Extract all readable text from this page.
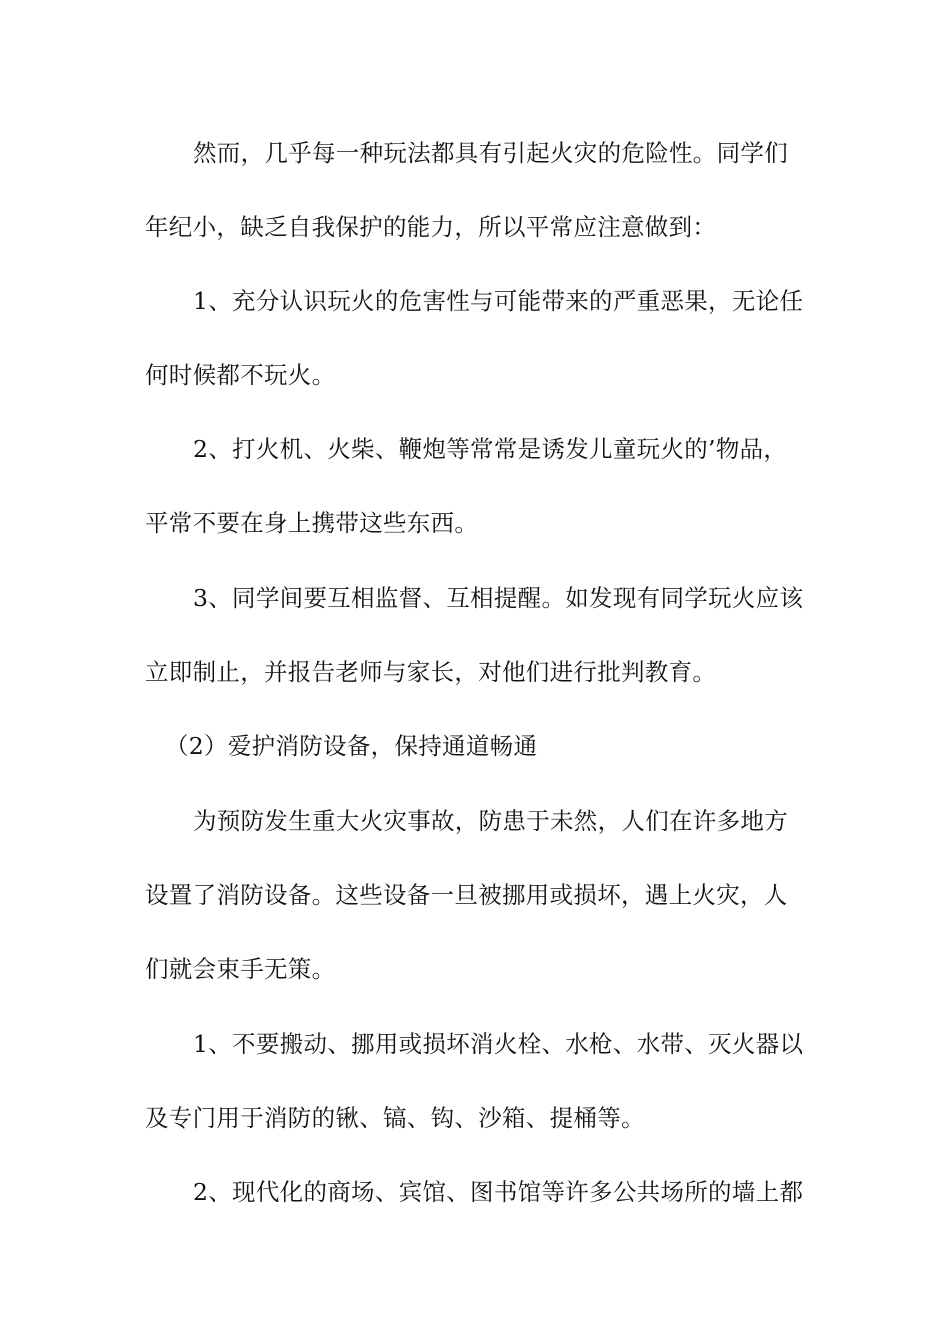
然而，几乎每一种玩法都具有引起火灾的危险性。同学们
年纪小，缺乏自我保护的能力，所以平常应注意做到：
1、充分认识玩火的危害性与可能带来的严重恶果，无论任
何时候都不玩火。
2、打火机、火柴、鞭炮等常常是诱发儿童玩火的’物品，
平常不要在身上携带这些东西。
3、同学间要互相监督、互相提醒。如发现有同学玩火应该
立即制止，并报告老师与家长，对他们进行批判教育。
（2）爱护消防设备，保持通道畅通
为预防发生重大火灾事故，防患于未然，人们在许多地方
设置了消防设备。这些设备一旦被挪用或损坏，遇上火灾，人
们就会束手无策。
1、不要搬动、挪用或损坏消火栓、水枪、水带、灭火器以
及专门用于消防的锹、镐、钩、沙箱、提桶等。
2、现代化的商场、宾馆、图书馆等许多公共场所的墙上都
